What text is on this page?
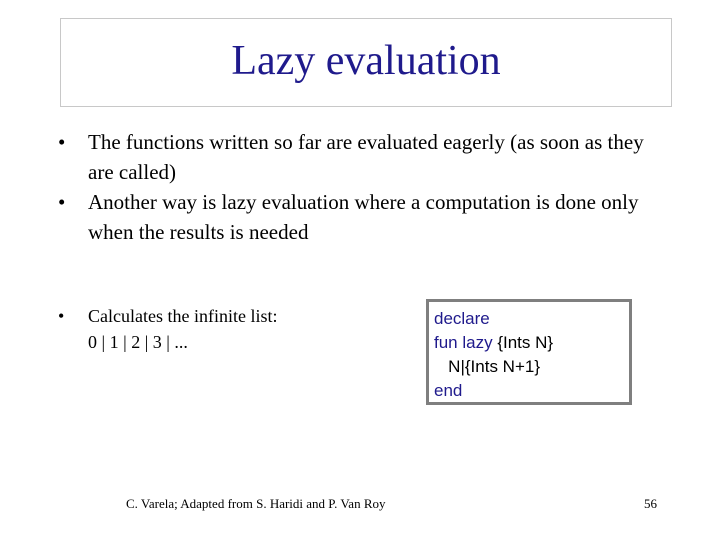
Lazy evaluation
• The functions written so far are evaluated eagerly (as soon as they are called)
• Another way is lazy evaluation where a computation is done only when the results is needed
• Calculates the infinite list:
0 | 1 | 2 | 3 | ...
declare
fun lazy {Ints N}
N|{Ints N+1}
end
C. Varela; Adapted from S. Haridi and P. Van Roy	56
